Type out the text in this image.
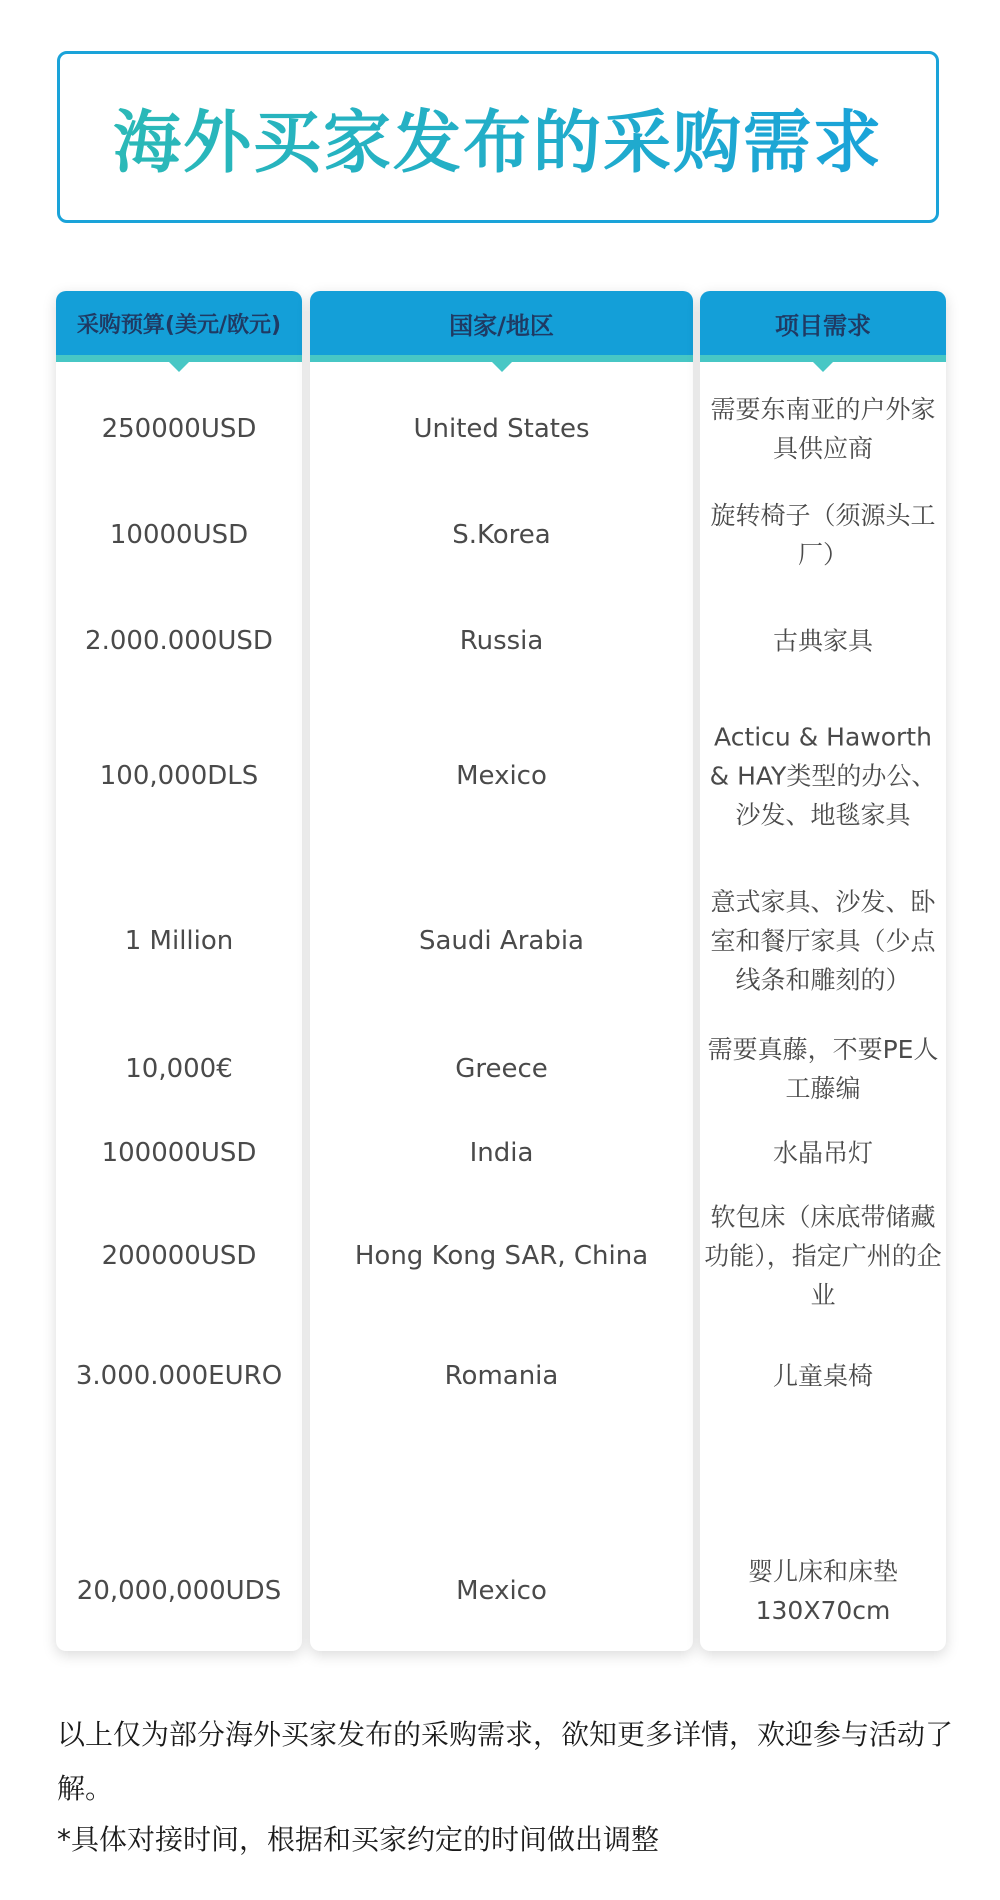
海外买家发布的采购需求
采购预算(美元/欧元)
250000USD
10000USD
2.000.000USD
100,000DLS
1 Million
10,000€
100000USD
200000USD
3.000.000EURO
20,000,000UDS
国家/地区
United States
S.Korea
Russia
Mexico
Saudi Arabia
Greece
India
Hong Kong SAR, China
Romania
Mexico
项目需求
需要东南亚的户外家具供应商
旋转椅子（须源头工厂）
古典家具
Acticu & Haworth & HAY类型的办公、沙发、地毯家具
意式家具、沙发、卧室和餐厅家具（少点线条和雕刻的）
需要真藤，不要PE人工藤编
水晶吊灯
软包床（床底带储藏功能），指定广州的企业
儿童桌椅
婴儿床和床垫130X70cm
以上仅为部分海外买家发布的采购需求，欲知更多详情，欢迎参与活动了解。
*具体对接时间，根据和买家约定的时间做出调整
